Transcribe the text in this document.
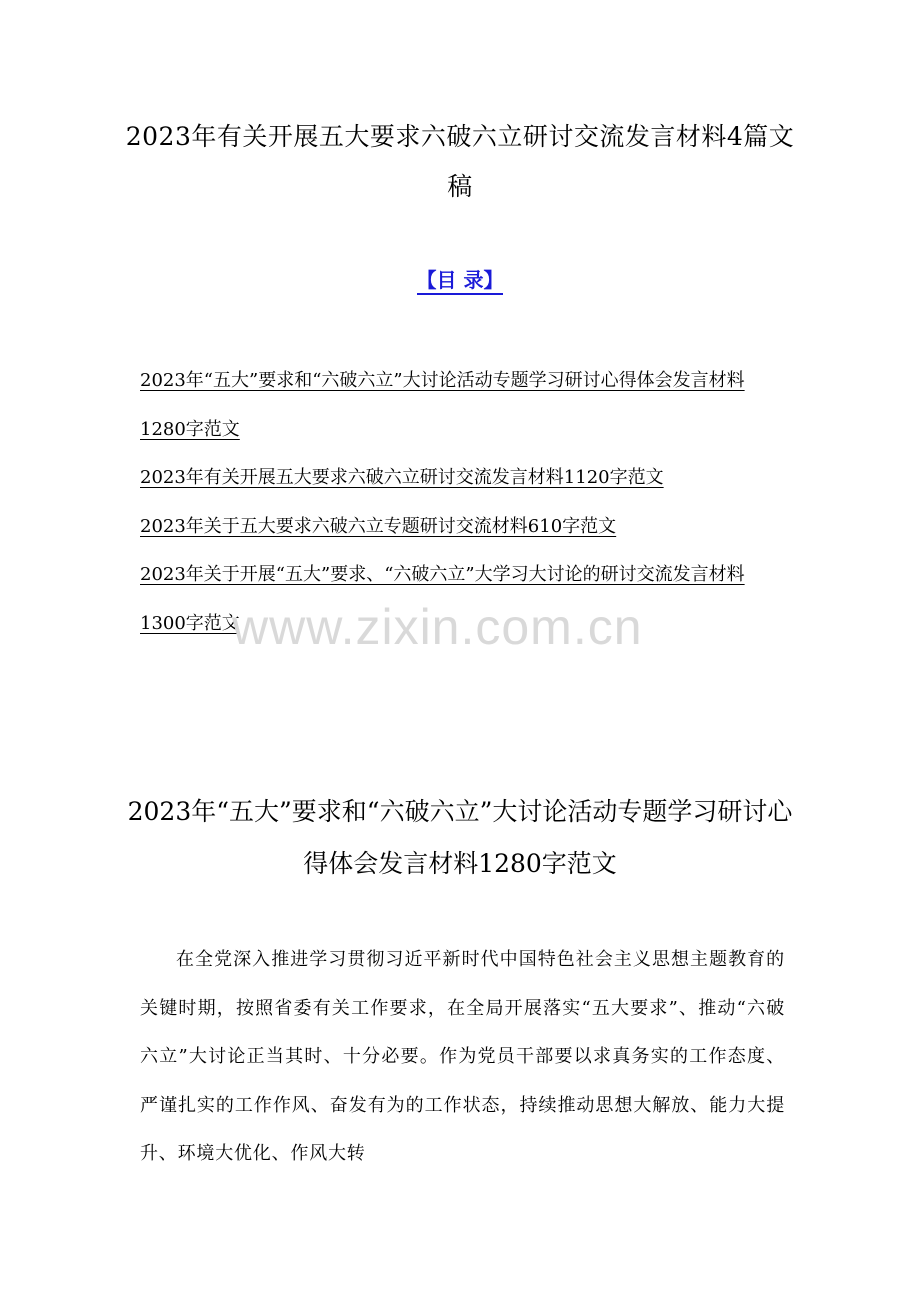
2023年有关开展五大要求六破六立研讨交流发言材料4篇文稿
【目 录】
2023年“五大”要求和“六破六立”大讨论活动专题学习研讨心得体会发言材料1280字范文
2023年有关开展五大要求六破六立研讨交流发言材料1120字范文
2023年关于五大要求六破六立专题研讨交流材料610字范文
2023年关于开展“五大”要求、“六破六立”大学习大讨论的研讨交流发言材料1300字范文
www.zixin.com.cn
2023年“五大”要求和“六破六立”大讨论活动专题学习研讨心得体会发言材料1280字范文

在全党深入推进学习贯彻习近平新时代中国特色社会主义思想主题教育的关键时期，按照省委有关工作要求，在全局开展落实“五大要求”、推动“六破六立”大讨论正当其时、十分必要。作为党员干部要以求真务实的工作态度、严谨扎实的工作作风、奋发有为的工作状态，持续推动思想大解放、能力大提升、环境大优化、作风大转
